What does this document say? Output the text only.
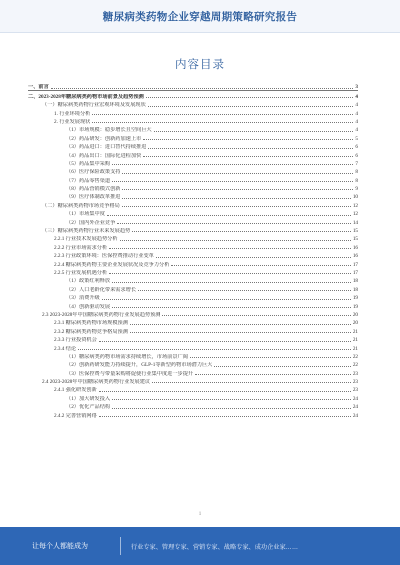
糖尿病类药物企业穿越周期策略研究报告
内容目录
一、前言	3
二、2023-2028年糖尿病类药物市场前景及趋势预测	4
（一）糖尿病类药物行业宏观环境及发展现状	4
1. 行业环境分析	4
2. 行业发展现状	4
（1）市场规模：稳步增长且空间巨大	4
（2）药品研发：创新药加速上市	5
（3）药品进口：进口替代持续推进	6
（4）药品出口：国际化进程加快	6
（5）药品集中采购	7
（6）医疗保险政策支持	8
（7）药品零售渠道	8
（8）药品营销模式创新	9
（9）医疗体制改革推进	10
（二）糖尿病类药物市场竞争格局	12
（1）市场集中度	12
（2）国内外企业竞争	14
（三）糖尿病类药物行业未来发展趋势	15
2.2.1 行业技术发展趋势分析	15
2.2.2 行业市场需求分析	16
2.2.3 行业政策环境：医保控费推动行业变革	16
2.2.4 糖尿病类药物主要企业发展状况及竞争力分析	17
2.2.5 行业发展机遇分析	17
（1）政策红利释放	18
（2）人口老龄化带来需求增长	18
（3）消费升级	19
（4）创新驱动发展	19
2.3 2023-2028年中国糖尿病类药物行业发展趋势预测	20
2.3.1 糖尿病类药物市场规模预测	20
2.3.2 糖尿病类药物竞争格局预测	21
2.3.3 行业投资机会	21
2.3.4 结论	21
（1）糖尿病类药物市场需求持续增长，市场前景广阔	22
（2）创新药研发能力持续提升，GLP-1等新型药物市场潜力巨大	22
（3）医保控费与带量采购将促使行业集中度进一步提升	23
2.4 2023-2028年中国糖尿病类药物行业发展建议	23
2.4.1 强化研发创新	23
（1）加大研发投入	24
（2）优化产品结构	24
2.4.2 完善营销网络	24
1
让每个人都能成为	行业专家、管理专家、营销专家、战略专家、成功企业家……
